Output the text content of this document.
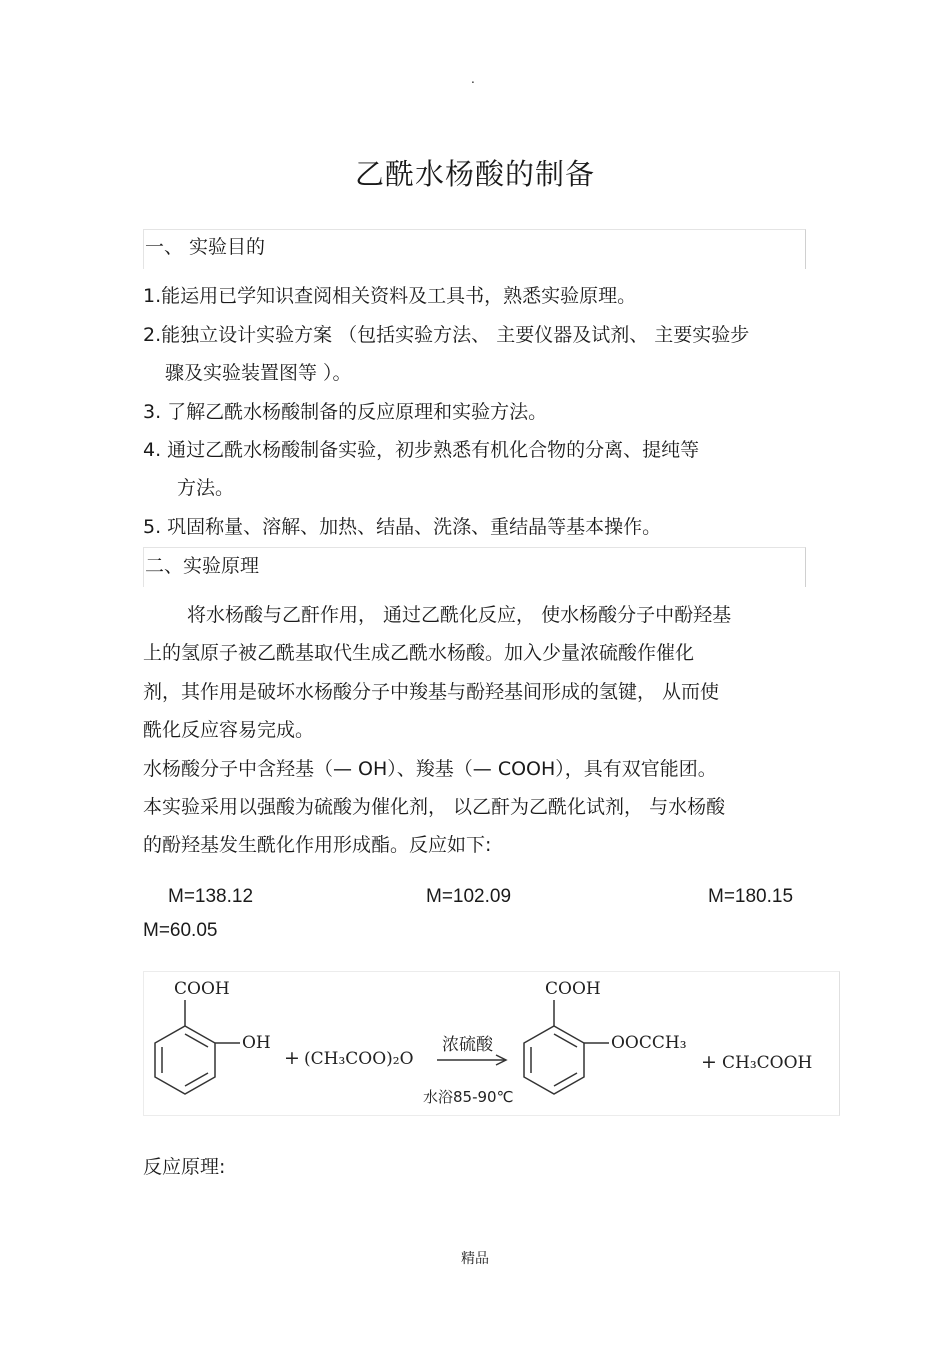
.
乙酰水杨酸的制备
一、 实验目的
1.能运用已学知识查阅相关资料及工具书，熟悉实验原理。
2.能独立设计实验方案 （包括实验方法、 主要仪器及试剂、 主要实验步
骤及实验装置图等 ）。
3. 了解乙酰水杨酸制备的反应原理和实验方法。
4. 通过乙酰水杨酸制备实验，初步熟悉有机化合物的分离、提纯等
方法。
5. 巩固称量、溶解、加热、结晶、洗涤、重结晶等基本操作。
二、实验原理
将水杨酸与乙酐作用， 通过乙酰化反应， 使水杨酸分子中酚羟基
上的氢原子被乙酰基取代生成乙酰水杨酸。加入少量浓硫酸作催化
剂，其作用是破坏水杨酸分子中羧基与酚羟基间形成的氢键， 从而使
酰化反应容易完成。
水杨酸分子中含羟基（— OH）、羧基（— COOH），具有双官能团。
本实验采用以强酸为硫酸为催化剂， 以乙酐为乙酰化试剂， 与水杨酸
的酚羟基发生酰化作用形成酯。反应如下:
M=138.12	M=102.09	M=180.15
M=60.05
COOH
OH
+ (CH₃COO)₂O
浓硫酸
水浴85-90℃
COOH
OOCCH₃
+ CH₃COOH
反应原理:
精品
